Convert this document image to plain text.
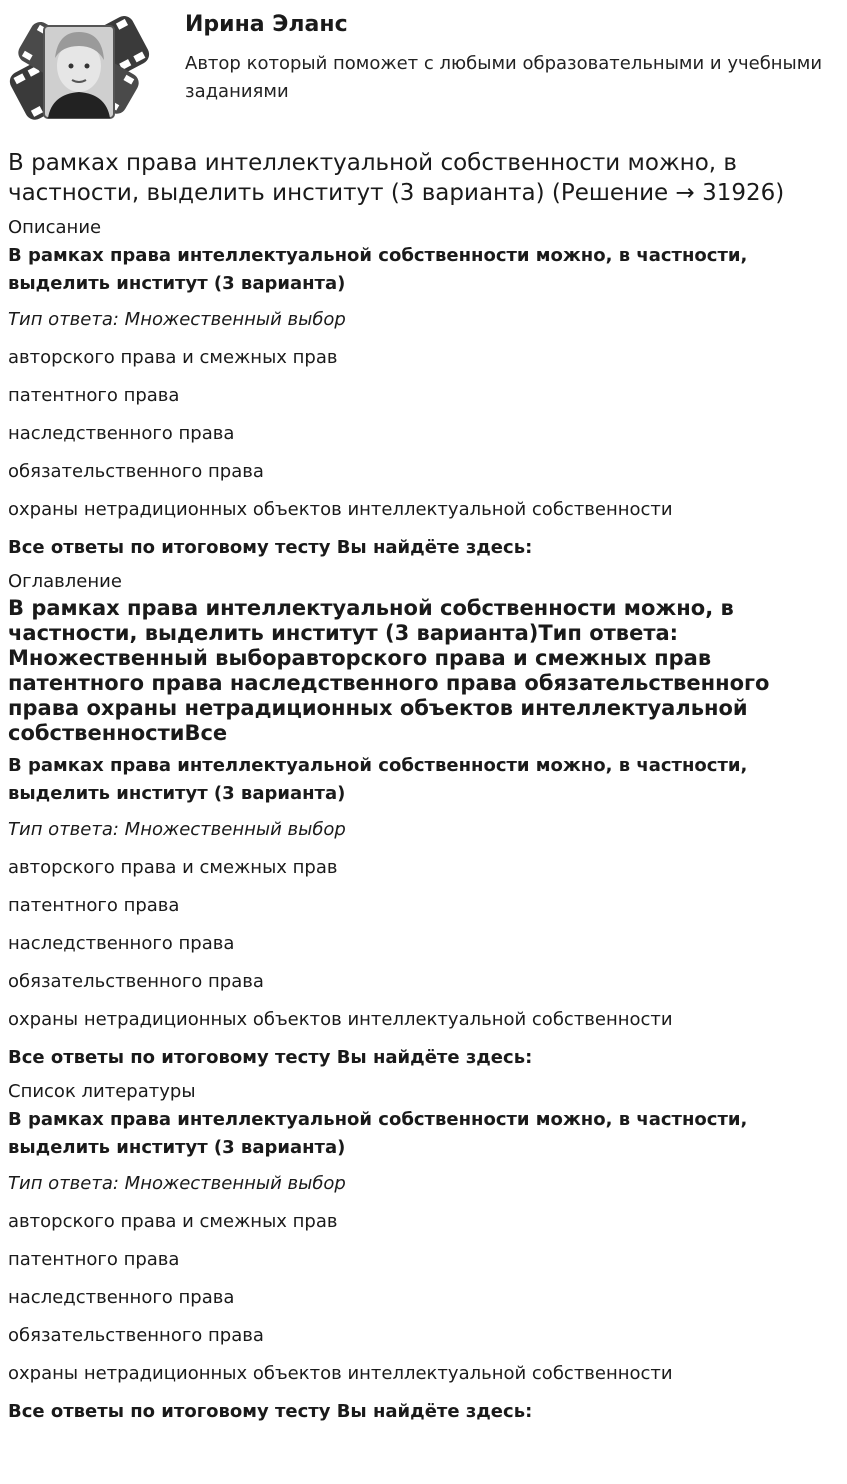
Ирина Эланс

Автор который поможет с любыми образовательными и учебными заданиями

В рамках права интеллектуальной собственности можно, в частности, выделить институт (3 варианта) (Решение → 31926)

Описание

В рамках права интеллектуальной собственности можно, в частности, выделить институт (3 варианта)

Тип ответа: Множественный выбор

авторского права и смежных прав

патентного права

наследственного права

обязательственного права

охраны нетрадиционных объектов интеллектуальной собственности

Все ответы по итоговому тесту Вы найдёте здесь:

Оглавление

В рамках права интеллектуальной собственности можно, в частности, выделить институт (3 варианта)Тип ответа: Множественный выборавторского права и смежных прав патентного права наследственного права обязательственного права охраны нетрадиционных объектов интеллектуальной собственностиВсе

В рамках права интеллектуальной собственности можно, в частности, выделить институт (3 варианта)

Тип ответа: Множественный выбор

авторского права и смежных прав

патентного права

наследственного права

обязательственного права

охраны нетрадиционных объектов интеллектуальной собственности

Все ответы по итоговому тесту Вы найдёте здесь:

Список литературы

В рамках права интеллектуальной собственности можно, в частности, выделить институт (3 варианта)

Тип ответа: Множественный выбор

авторского права и смежных прав

патентного права

наследственного права

обязательственного права

охраны нетрадиционных объектов интеллектуальной собственности

Все ответы по итоговому тесту Вы найдёте здесь:
